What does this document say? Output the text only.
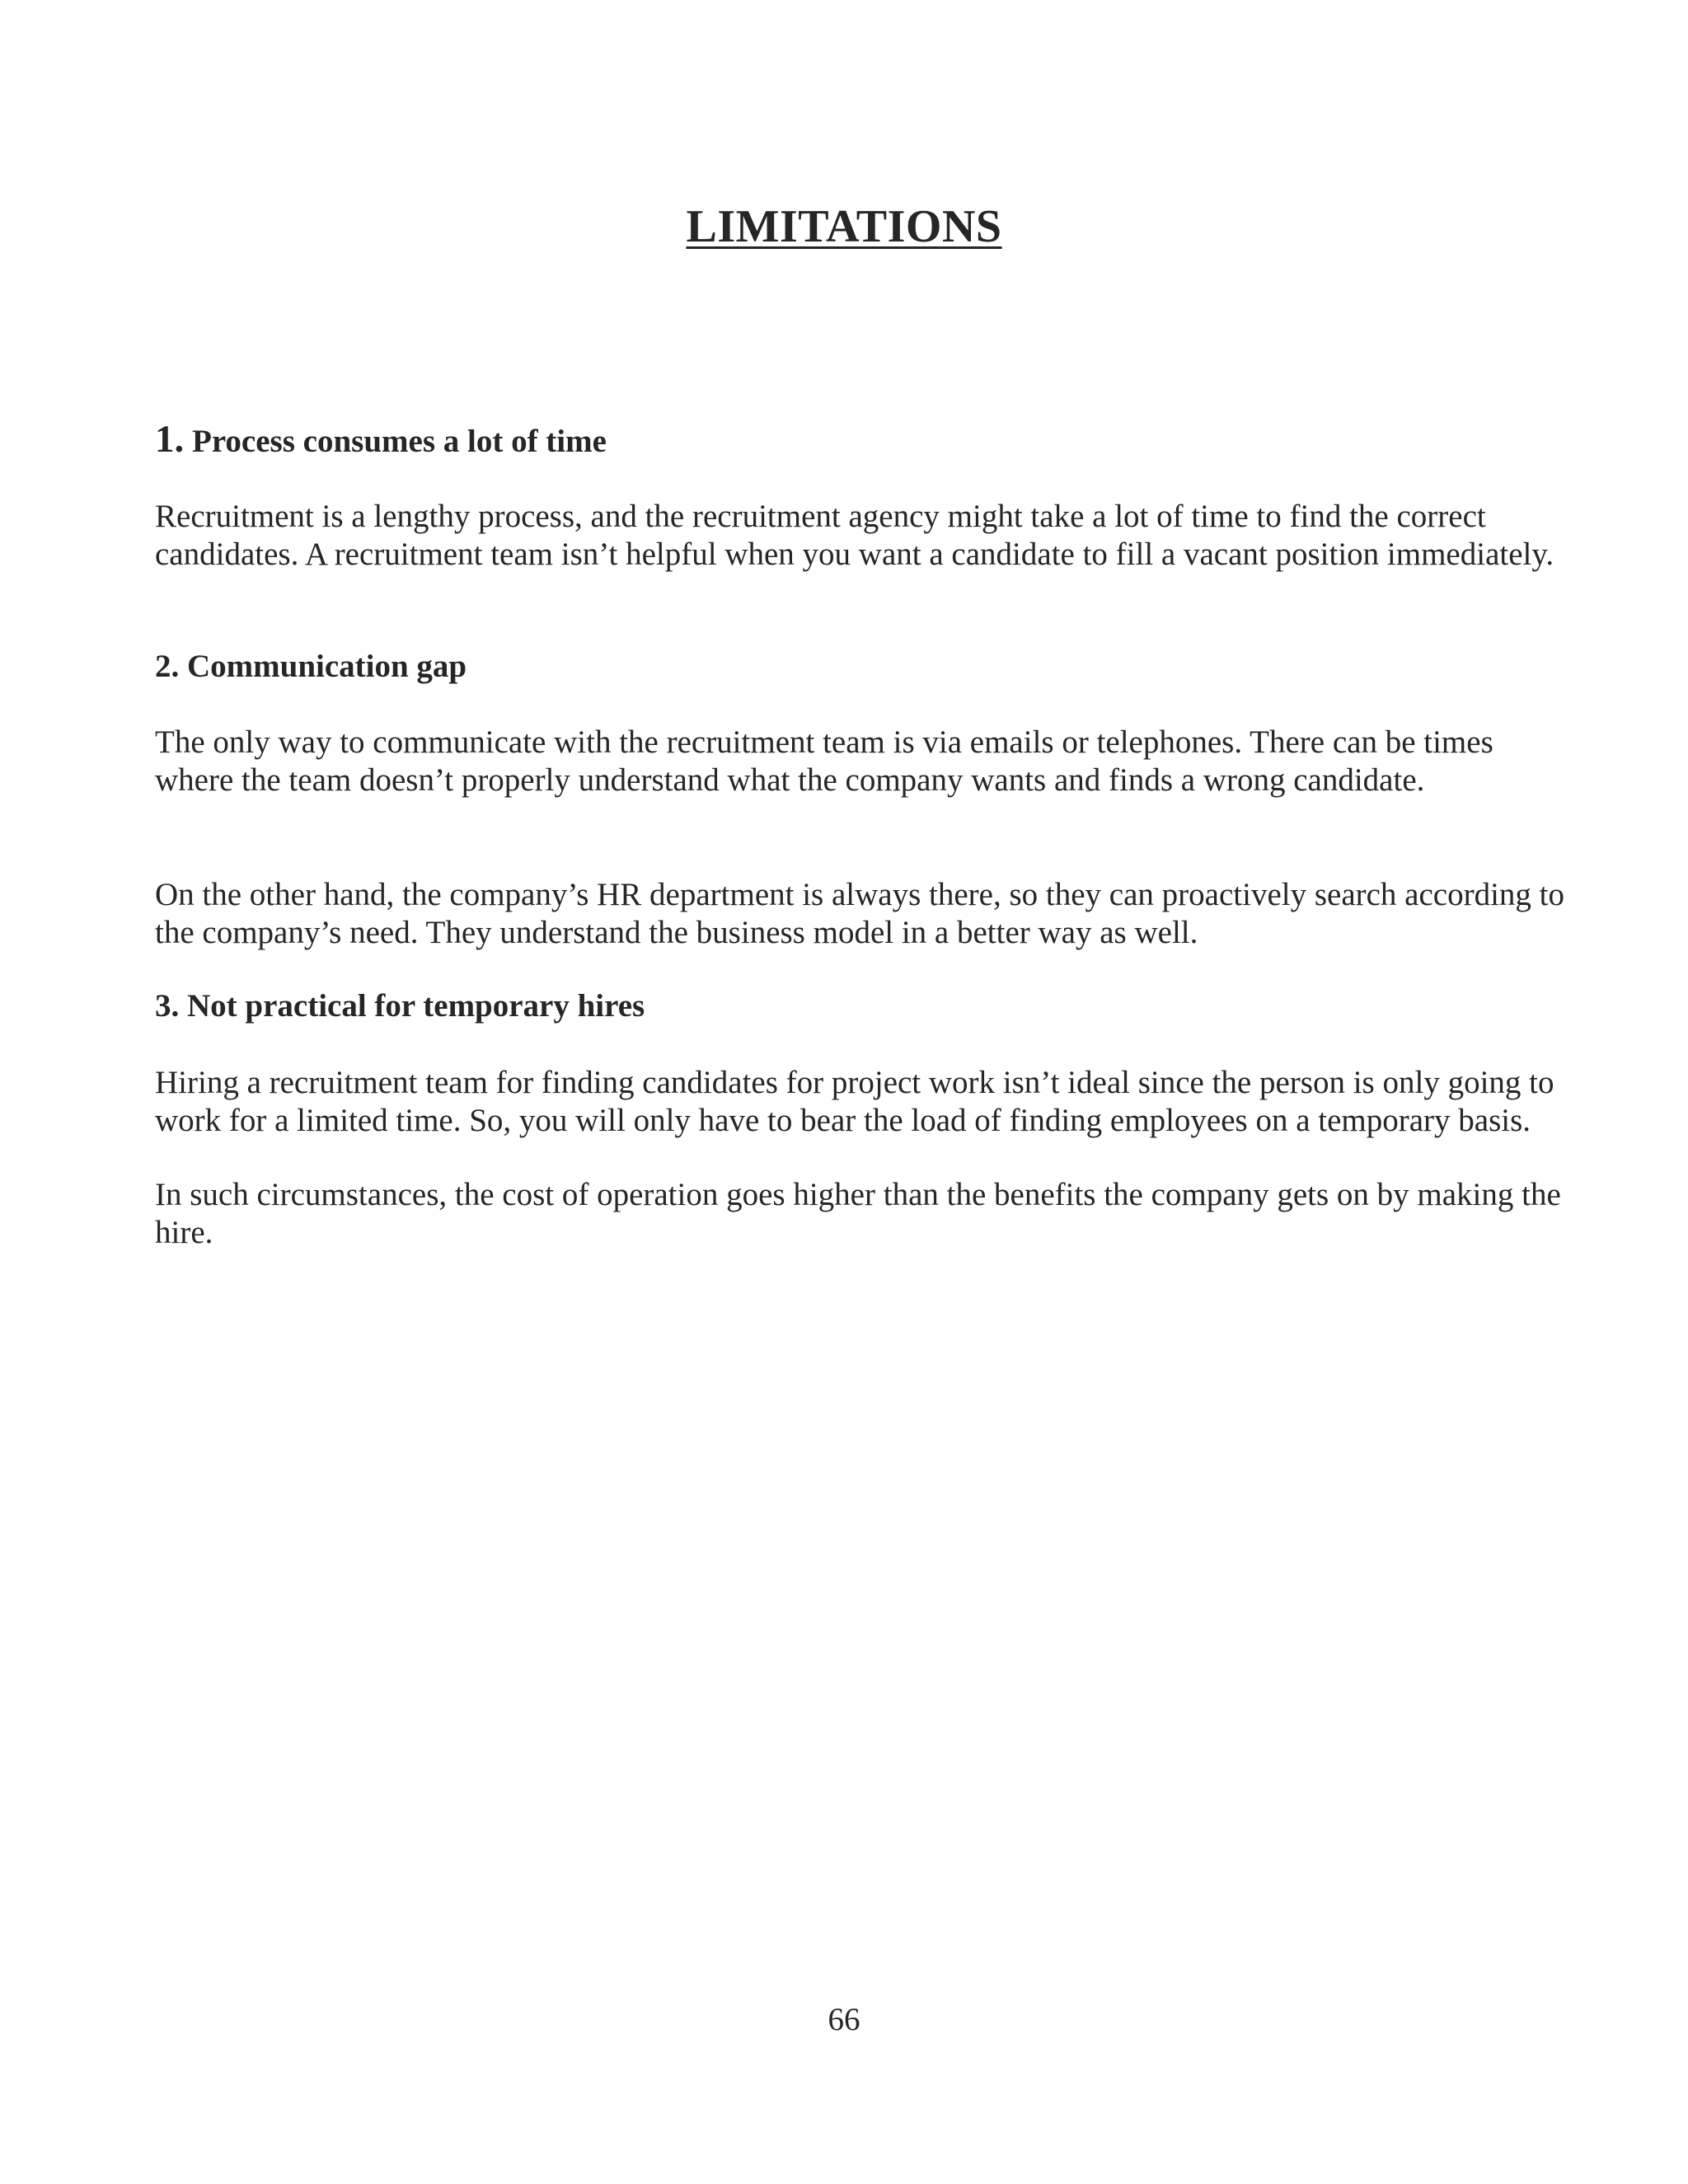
LIMITATIONS
1. Process consumes a lot of time
Recruitment is a lengthy process, and the recruitment agency might take a lot of time to find the correct candidates. A recruitment team isn’t helpful when you want a candidate to fill a vacant position immediately.
2. Communication gap
The only way to communicate with the recruitment team is via emails or telephones. There can be times where the team doesn’t properly understand what the company wants and finds a wrong candidate.
On the other hand, the company’s HR department is always there, so they can proactively search according to the company’s need. They understand the business model in a better way as well.
3. Not practical for temporary hires
Hiring a recruitment team for finding candidates for project work isn’t ideal since the person is only going to work for a limited time. So, you will only have to bear the load of finding employees on a temporary basis.
In such circumstances, the cost of operation goes higher than the benefits the company gets on by making the hire.
66
